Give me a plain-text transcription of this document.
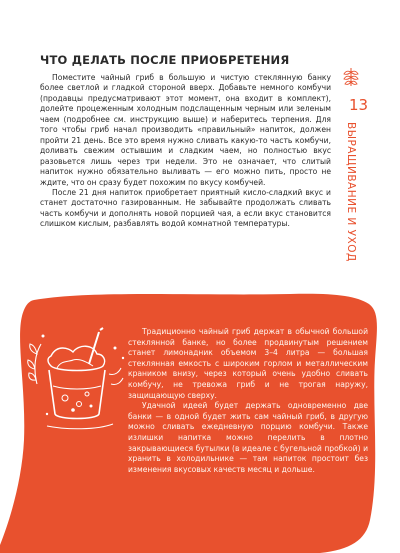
ЧТО ДЕЛАТЬ ПОСЛЕ ПРИОБРЕТЕНИЯ

Поместите чайный гриб в большую и чистую стеклянную банку более светлой и гладкой стороной вверх. Добавьте немного комбучи (продавцы предусматривают этот момент, она входит в комплект), долейте процеженным холодным подслащенным черным или зеленым чаем (подробнее см. инструкцию выше) и наберитесь терпения. Для того чтобы гриб начал производить «правильный» напиток, должен пройти 21 день. Все это время нужно сливать какую-то часть комбучи, доливать свежим остывшим и сладким чаем, но полностью вкус разовьется лишь через три недели. Это не означает, что слитый напиток нужно обязательно выливать — его можно пить, просто не ждите, что он сразу будет похожим по вкусу комбучей.

После 21 дня напиток приобретает приятный кисло-сладкий вкус и станет достаточно газированным. Не забывайте продолжать сливать часть комбучи и дополнять новой порцией чая, а если вкус становится слишком кислым, разбавлять водой комнатной температуры.

13
ВЫРАЩИВАНИЕ И УХОД

Традиционно чайный гриб держат в обычной большой стеклянной банке, но более продвинутым решением станет лимонадник объемом 3–4 литра — большая стеклянная емкость с широким горлом и металлическим краником внизу, через который очень удобно сливать комбучу, не тревожа гриб и не трогая наружу, защищающую сверху.

Удачной идеей будет держать одновременно две банки — в одной будет жить сам чайный гриб, в другую можно сливать ежедневную порцию комбучи. Также излишки напитка можно перелить в плотно закрывающиеся бутылки (в идеале с бугельной пробкой) и хранить в холодильнике — там напиток простоит без изменения вкусовых качеств месяц и дольше.
